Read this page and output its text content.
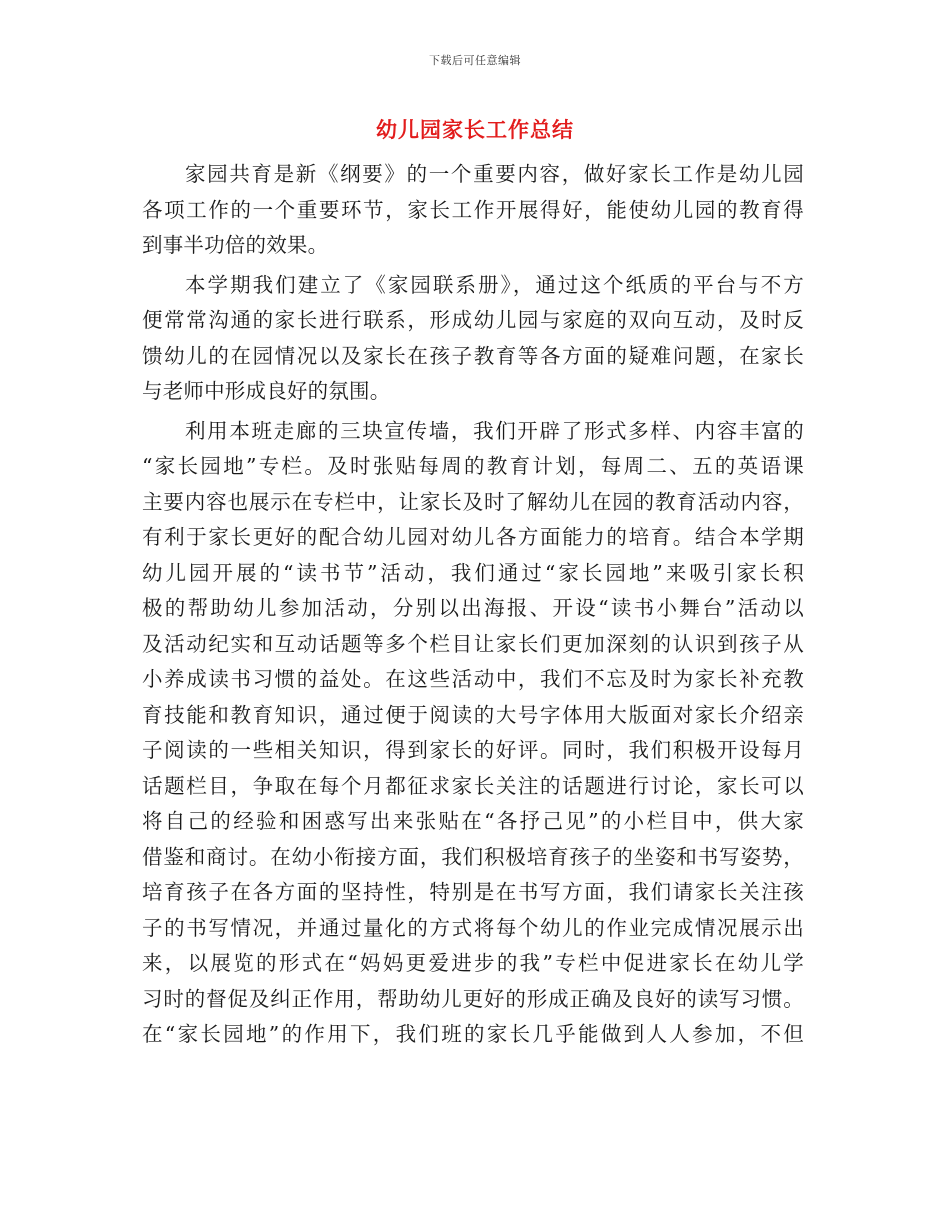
下载后可任意编辑
幼儿园家长工作总结
家园共育是新《纲要》的一个重要内容，做好家长工作是幼儿园
各项工作的一个重要环节，家长工作开展得好，能使幼儿园的教育得
到事半功倍的效果。
本学期我们建立了《家园联系册》，通过这个纸质的平台与不方
便常常沟通的家长进行联系，形成幼儿园与家庭的双向互动，及时反
馈幼儿的在园情况以及家长在孩子教育等各方面的疑难问题，在家长
与老师中形成良好的氛围。
利用本班走廊的三块宣传墙，我们开辟了形式多样、内容丰富的
“家长园地”专栏。及时张贴每周的教育计划，每周二、五的英语课
主要内容也展示在专栏中，让家长及时了解幼儿在园的教育活动内容，
有利于家长更好的配合幼儿园对幼儿各方面能力的培育。结合本学期
幼儿园开展的“读书节”活动，我们通过“家长园地”来吸引家长积
极的帮助幼儿参加活动，分别以出海报、开设“读书小舞台”活动以
及活动纪实和互动话题等多个栏目让家长们更加深刻的认识到孩子从
小养成读书习惯的益处。在这些活动中，我们不忘及时为家长补充教
育技能和教育知识，通过便于阅读的大号字体用大版面对家长介绍亲
子阅读的一些相关知识，得到家长的好评。同时，我们积极开设每月
话题栏目，争取在每个月都征求家长关注的话题进行讨论，家长可以
将自己的经验和困惑写出来张贴在“各抒己见”的小栏目中，供大家
借鉴和商讨。在幼小衔接方面，我们积极培育孩子的坐姿和书写姿势，
培育孩子在各方面的坚持性，特别是在书写方面，我们请家长关注孩
子的书写情况，并通过量化的方式将每个幼儿的作业完成情况展示出
来，以展览的形式在“妈妈更爱进步的我”专栏中促进家长在幼儿学
习时的督促及纠正作用，帮助幼儿更好的形成正确及良好的读写习惯。
在“家长园地”的作用下，我们班的家长几乎能做到人人参加，不但
